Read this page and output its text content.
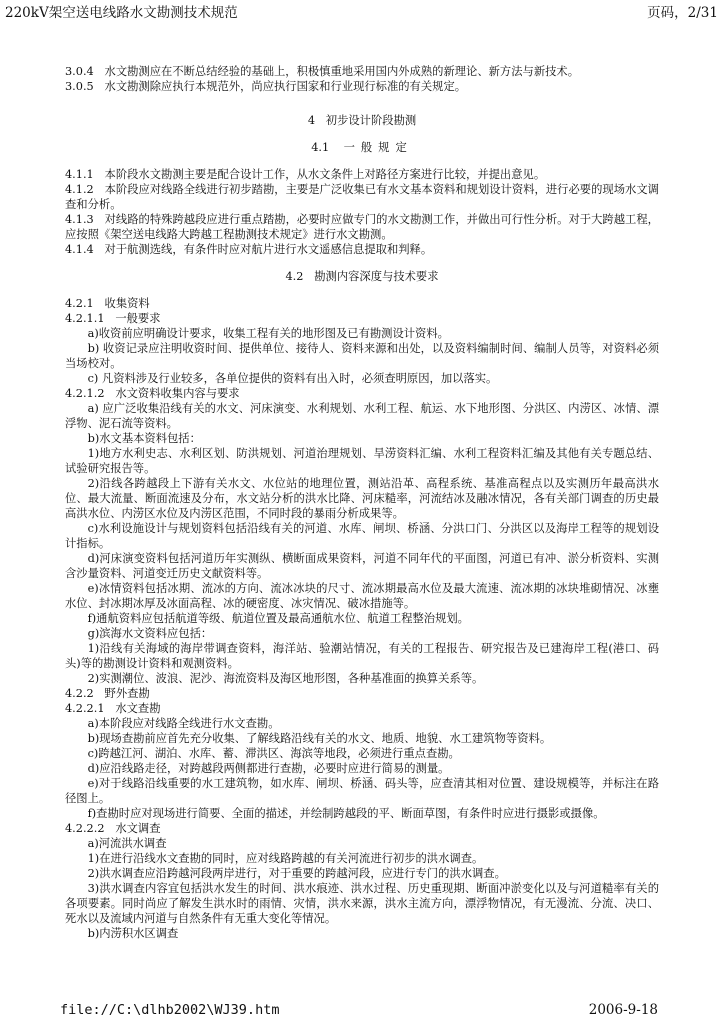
220kV架空送电线路水文勘测技术规范	页码，2/31

3.0.4 水文勘测应在不断总结经验的基础上，积极慎重地采用国内外成熟的新理论、新方法与新技术。

3.0.5 水文勘测除应执行本规范外，尚应执行国家和行业现行标准的有关规定。

4 初步设计阶段勘测

4.1 一般规定

4.1.1 本阶段水文勘测主要是配合设计工作，从水文条件上对路径方案进行比较，并提出意见。

4.1.2 本阶段应对线路全线进行初步踏勘，主要是广泛收集已有水文基本资料和规划设计资料，进行必要的现场水文调查和分析。

4.1.3 对线路的特殊跨越段应进行重点踏勘，必要时应做专门的水文勘测工作，并做出可行性分析。对于大跨越工程，应按照《架空送电线路大跨越工程勘测技术规定》进行水文勘测。

4.1.4 对于航测选线，有条件时应对航片进行水文遥感信息提取和判释。

4.2 勘测内容深度与技术要求

4.2.1 收集资料

4.2.1.1 一般要求

a)收资前应明确设计要求，收集工程有关的地形图及已有勘测设计资料。

b) 收资记录应注明收资时间、提供单位、接待人、资料来源和出处，以及资料编制时间、编制人员等，对资料必须当场校对。

c) 凡资料涉及行业较多，各单位提供的资料有出入时，必须查明原因，加以落实。

4.2.1.2 水文资料收集内容与要求

a) 应广泛收集沿线有关的水文、河床演变、水利规划、水利工程、航运、水下地形图、分洪区、内涝区、冰情、漂浮物、泥石流等资料。

b)水文基本资料包括：

1)地方水利史志、水利区划、防洪规划、河道治理规划、旱涝资料汇编、水利工程资料汇编及其他有关专题总结、试验研究报告等。

2)沿线各跨越段上下游有关水文、水位站的地理位置，测站沿革、高程系统、基准高程点以及实测历年最高洪水位、最大流量、断面流速及分布，水文站分析的洪水比降、河床糙率，河流结冰及融冰情况，各有关部门调查的历史最高洪水位、内涝区水位及内涝区范围，不同时段的暴雨分析成果等。

c)水利设施设计与规划资料包括沿线有关的河道、水库、闸坝、桥涵、分洪口门、分洪区以及海岸工程等的规划设计指标。

d)河床演变资料包括河道历年实测纵、横断面成果资料，河道不同年代的平面图，河道已有冲、淤分析资料、实测含沙量资料、河道变迁历史文献资料等。

e)冰情资料包括冰期、流冰的方向、流冰冰块的尺寸、流冰期最高水位及最大流速、流冰期的冰块堆砌情况、冰壅水位、封冰期冰厚及冰面高程、冰的硬密度、冰灾情况、破冰措施等。

f)通航资料应包括航道等级、航道位置及最高通航水位、航道工程整治规划。

g)滨海水文资料应包括：

1)沿线有关海域的海岸带调查资料，海洋站、验潮站情况，有关的工程报告、研究报告及已建海岸工程(港口、码头)等的勘测设计资料和观测资料。

2)实测潮位、波浪、泥沙、海流资料及海区地形图，各种基准面的换算关系等。

4.2.2 野外查勘

4.2.2.1 水文查勘

a)本阶段应对线路全线进行水文查勘。

b)现场查勘前应首先充分收集、了解线路沿线有关的水文、地质、地貌、水工建筑物等资料。

c)跨越江河、湖泊、水库、蓄、滞洪区、海滨等地段，必须进行重点查勘。

d)应沿线路走径，对跨越段两侧都进行查勘，必要时应进行简易的测量。

e)对于线路沿线重要的水工建筑物，如水库、闸坝、桥涵、码头等，应查清其相对位置、建设规模等，并标注在路径图上。

f)查勘时应对现场进行简要、全面的描述，并绘制跨越段的平、断面草图，有条件时应进行摄影或摄像。

4.2.2.2 水文调查

a)河流洪水调查

1)在进行沿线水文查勘的同时，应对线路跨越的有关河流进行初步的洪水调查。

2)洪水调查应沿跨越河段两岸进行，对于重要的跨越河段，应进行专门的洪水调查。

3)洪水调查内容宜包括洪水发生的时间、洪水痕迹、洪水过程、历史重现期、断面冲淤变化以及与河道糙率有关的各项要素。同时尚应了解发生洪水时的雨情、灾情，洪水来源，洪水主流方向，漂浮物情况，有无漫流、分流、决口、死水以及流域内河道与自然条件有无重大变化等情况。

b)内涝积水区调查

file://C:\dlhb2002\WJ39.htm	2006-9-18
